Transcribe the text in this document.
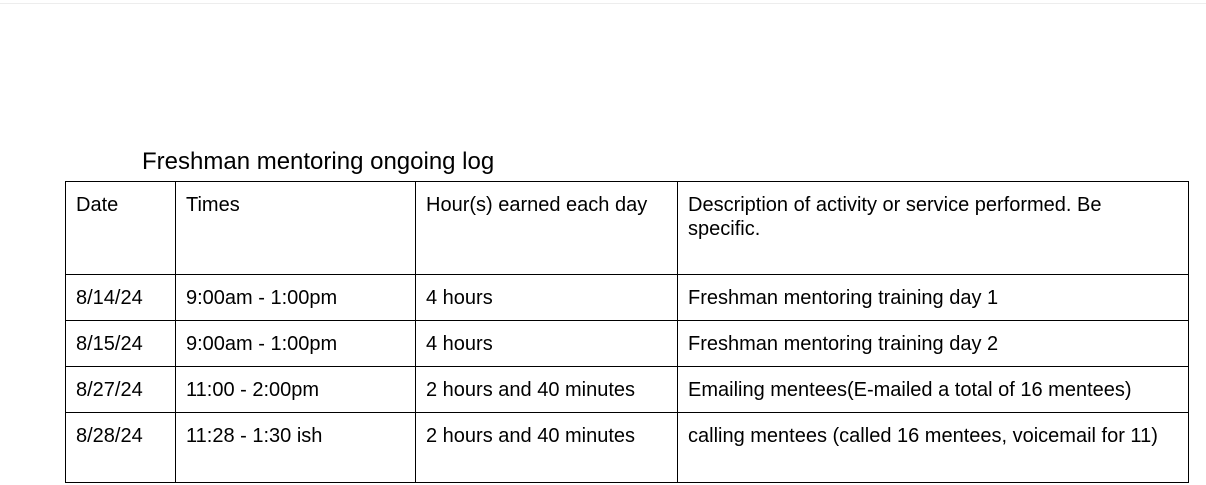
Freshman mentoring ongoing log
Date	Times	Hour(s) earned each day	Description of activity or service performed. Be specific.
8/14/24	9:00am - 1:00pm	4 hours	Freshman mentoring training day 1
8/15/24	9:00am - 1:00pm	4 hours	Freshman mentoring training day 2
8/27/24	11:00 - 2:00pm	2 hours and 40 minutes	Emailing mentees(E-mailed a total of 16 mentees)
8/28/24	11:28 - 1:30 ish	2 hours and 40 minutes	calling mentees (called 16 mentees, voicemail for 11)
